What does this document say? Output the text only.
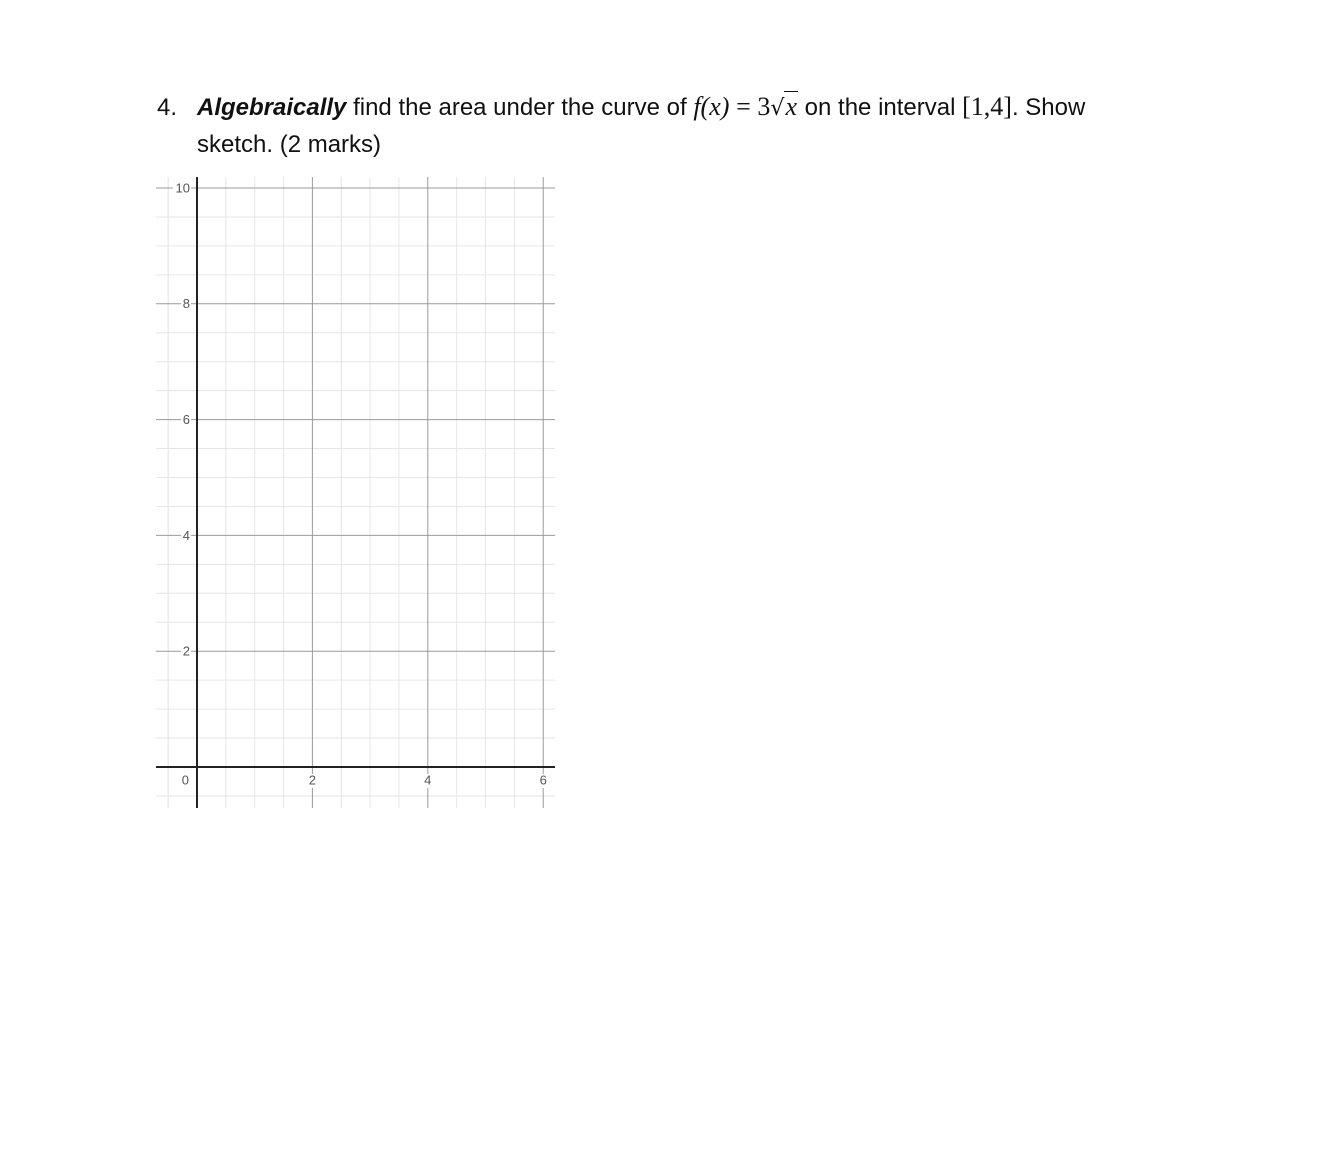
4. Algebraically
find the area under the curve of
f (x)
=
3 √x
on the interval
[1,4] . Show
sketch. (2 marks)
2	4	6
2
4
6
8
10
0
